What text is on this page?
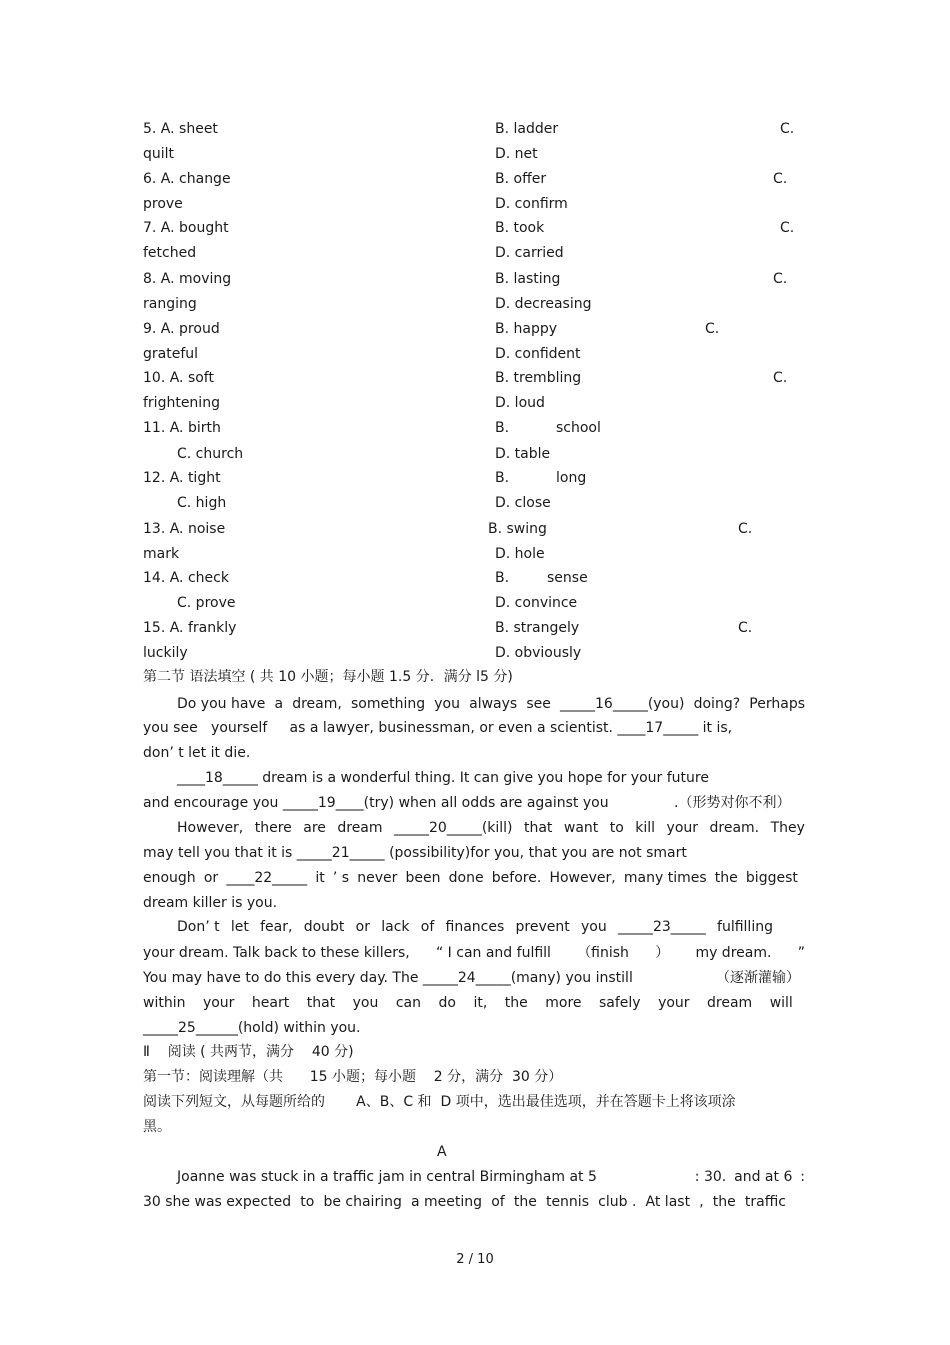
5. A. sheet	B. ladder	C.
quilt	D. net
6. A. change	B. offer	C.
prove	D. confirm
7. A. bought	B. took	C.
fetched	D. carried
8. A. moving	B. lasting	C.
ranging	D. decreasing
9. A. proud	B. happy	C.
grateful	D. confident
10. A. soft	B. trembling	C.
frightening	D. loud
11. A. birth	B.	school
C. church	D. table
12. A. tight	B.	long
C. high	D. close
13. A. noise	B. swing	C.
mark	D. hole
14. A. check	B.	sense
C. prove	D. convince
15. A. frankly	B. strangely	C.
luckily	D. obviously
第二节 语法填空 ( 共 10 小题；每小题 1.5 分．满分 l5 分)
Do you have a dream, something you always see _____16_____(you) doing? Perhaps
you see   yourself     as a lawyer, businessman, or even a scientist. ____17_____ it is,
don’ t let it die.
____18_____ dream is a wonderful thing. It can give you hope for your future
and encourage you _____19____(try) when all odds are against you	.（形势对你不利）
However, there are dream _____20_____(kill) that want to kill your dream. They
may tell you that it is _____21_____ (possibility)for you, that you are not smart
enough or ____22_____ it ’ s never been done before. However, many times the biggest
dream killer is you.
Don’ t let fear, doubt or lack of finances prevent you _____23_____ fulfilling
your dream. Talk back to these killers, “ I can and fulfill （finish ） my dream. ”
You may have to do this every day. The _____24_____(many) you instill	（逐渐灌输）
within your heart that you can do it, the more safely your dream will
_____25______(hold) within you.
Ⅱ    阅读 ( 共两节，满分    40 分)
第一节：阅读理解（共      15 小题；每小题    2 分，满分  30 分）
阅读下列短文，从每题所给的       A、B、C 和  D 项中，选出最佳选项，并在答题卡上将该项涂
黑。
A
Joanne was stuck in a traffic jam in central Birmingham at 5	: 30. and at 6 :
30 she was expected to be chairing a meeting of the tennis club . At last , the traffic
2 / 10
